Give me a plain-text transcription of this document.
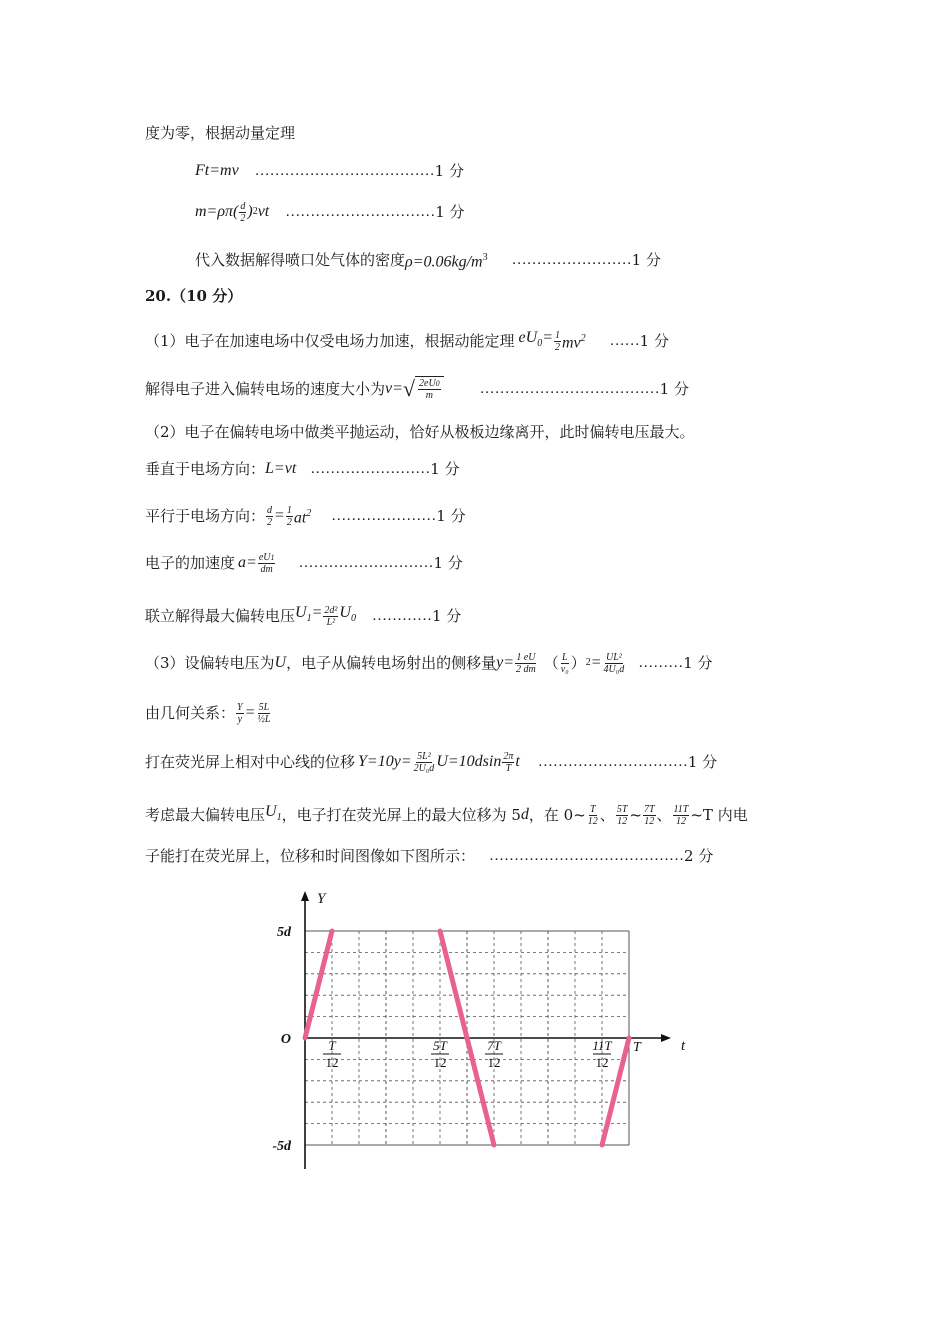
度为零，根据动量定理
Ft=mv ……………………………… 1 分
$m=\rho\pi( \frac{d}{2}$ ) 2 vt ………………………… 1 分
代入数据解得喷口处气体的密度 $\rho=0.06kg/m^3$ …………………… 1 分
20.（10 分）
（1）电子在加速电场中仅受电场力加速，根据动能定理 $eU_0= \frac{1}{2} mv^2$ …… 1 分
解得电子进入偏转电场的速度大小为 v= √ $\frac{2eU0}{m}$	……………………………… 1 分
（2）电子在偏转电场中做类平抛运动，恰好从极板边缘离开，此时偏转电压最大。
垂直于电场方向： L=vt …………………… 1 分
平行于电场方向： $\frac{d}{2} = \frac{1}{2} at^2$ ………………… 1 分
电子的加速度 $a= \frac{eU1}{dm}$ ……………………… 1 分
联立解得最大偏转电压 $U_1= \frac{\text{2d²}}{\text{L²}} U_0$ ………… 1 分
（3）设偏转电压为 U ，电子从偏转电场射出的侧移量 $y= \frac{1 eU}{2 dm}$ （ $\frac{L}{\text{v₀}}$ ） $2 = \frac{\text{UL²}}{\text{4U₀d}}$ ……… 1 分
由几何关系： $\frac{Y}{y} = \frac{5L}{\text{½L}}$
打在荧光屏上相对中心线的位移 $Y=10y= \frac{\text{5L²}}{\text{2U₀d}} U=10dsin \frac{2\pi}{T}$ t ………………………… 1 分
考虑最大偏转电压 $U_1$ ，电子打在荧光屏上的最大位移为 5 d ，在 0~ $\frac{T}{12}$ 、 $\frac{5T}{12}$ ~ $\frac{7T}{12}$ 、 $\frac{11T}{12}$ ~T 内电
子能打在荧光屏上，位移和时间图像如下图所示： ………………………………… 2 分
Y
t
5d
O
-5d
T
12
5T
12
7T
12
11T
12
T
